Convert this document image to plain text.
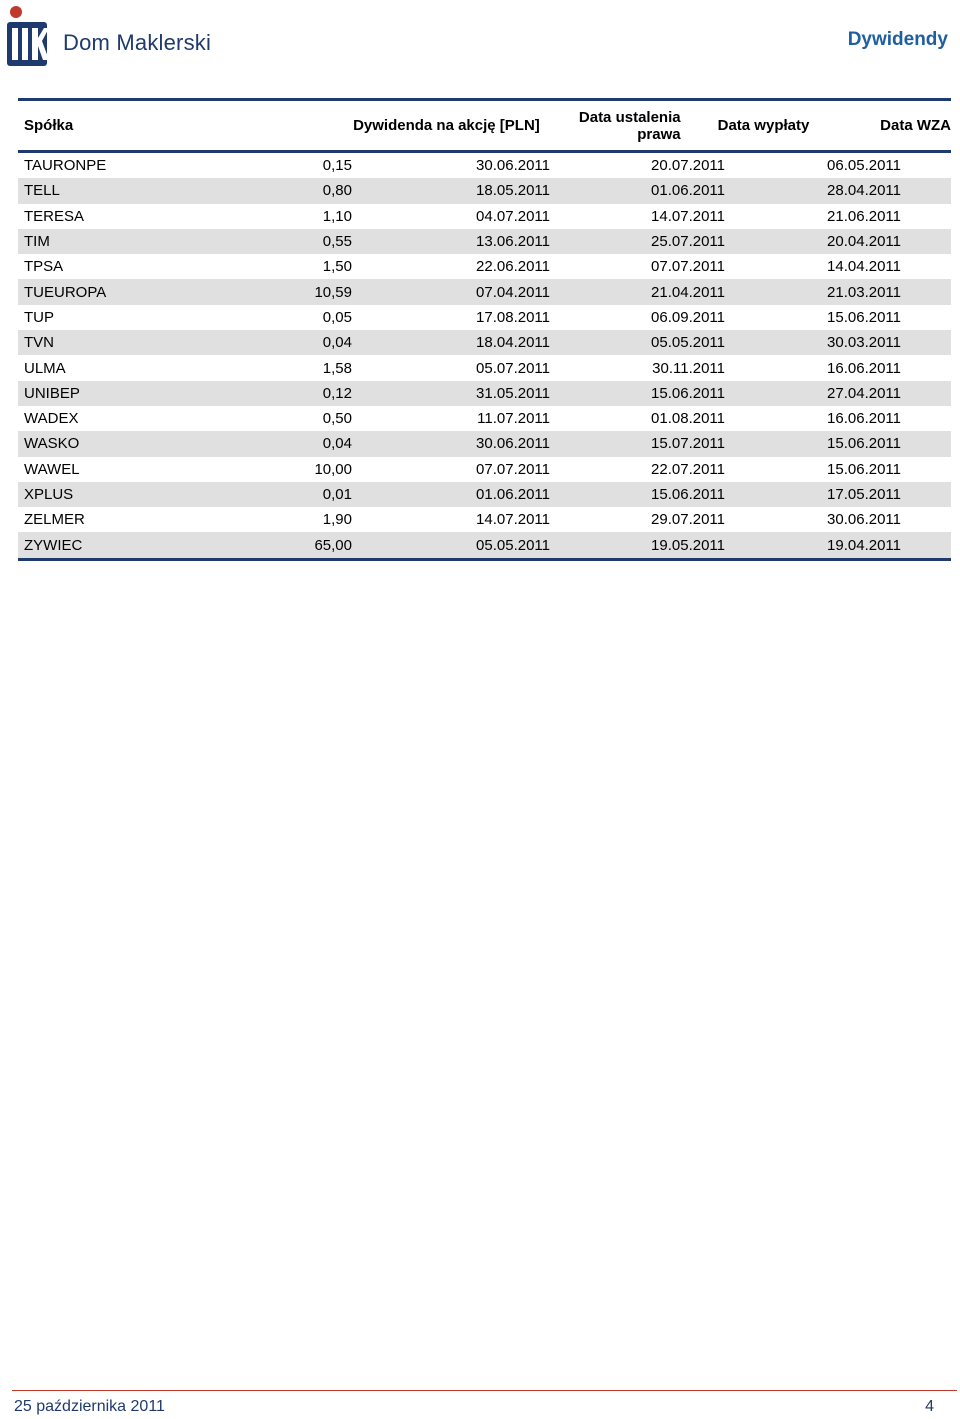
Dom Maklerski	Dywidendy
Spółka	Dywidenda na akcję [PLN]	Data ustalenia prawa	Data wypłaty	Data WZA
TAURONPE	0,15	30.06.2011	20.07.2011	06.05.2011
TELL	0,80	18.05.2011	01.06.2011	28.04.2011
TERESA	1,10	04.07.2011	14.07.2011	21.06.2011
TIM	0,55	13.06.2011	25.07.2011	20.04.2011
TPSA	1,50	22.06.2011	07.07.2011	14.04.2011
TUEUROPA	10,59	07.04.2011	21.04.2011	21.03.2011
TUP	0,05	17.08.2011	06.09.2011	15.06.2011
TVN	0,04	18.04.2011	05.05.2011	30.03.2011
ULMA	1,58	05.07.2011	30.11.2011	16.06.2011
UNIBEP	0,12	31.05.2011	15.06.2011	27.04.2011
WADEX	0,50	11.07.2011	01.08.2011	16.06.2011
WASKO	0,04	30.06.2011	15.07.2011	15.06.2011
WAWEL	10,00	07.07.2011	22.07.2011	15.06.2011
XPLUS	0,01	01.06.2011	15.06.2011	17.05.2011
ZELMER	1,90	14.07.2011	29.07.2011	30.06.2011
ZYWIEC	65,00	05.05.2011	19.05.2011	19.04.2011
25 października 2011	4
